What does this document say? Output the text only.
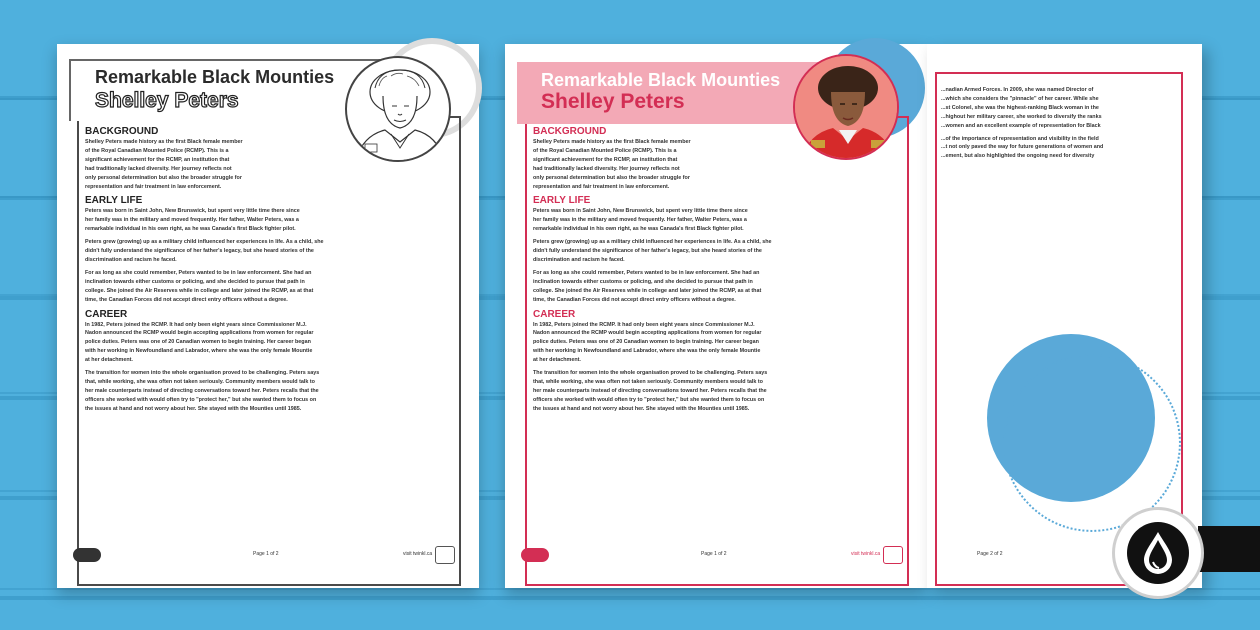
Remarkable Black Mounties
Shelley Peters
BACKGROUND
Shelley Peters made history as the first Black female member
of the Royal Canadian Mounted Police (RCMP). This is a
significant achievement for the RCMP, an institution that
had traditionally lacked diversity. Her journey reflects not
only personal determination but also the broader struggle for
representation and fair treatment in law enforcement.
EARLY LIFE
Peters was born in Saint John, New Brunswick, but spent very little time there since
her family was in the military and moved frequently. Her father, Walter Peters, was a
remarkable individual in his own right, as he was Canada's first Black fighter pilot.
Peters grew (growing) up as a military child influenced her experiences in life. As a child, she
didn't fully understand the significance of her father's legacy, but she heard stories of the
discrimination and racism he faced.
For as long as she could remember, Peters wanted to be in law enforcement. She had an
inclination towards either customs or policing, and she decided to pursue that path in
college. She joined the Air Reserves while in college and later joined the RCMP, as at that
time, the Canadian Forces did not accept direct entry officers without a degree.
CAREER
In 1982, Peters joined the RCMP. It had only been eight years since Commissioner M.J.
Nadon announced the RCMP would begin accepting applications from women for regular
police duties. Peters was one of 20 Canadian women to begin training. Her career began
with her working in Newfoundland and Labrador, where she was the only female Mountie
at her detachment.
The transition for women into the whole organisation proved to be challenging. Peters says
that, while working, she was often not taken seriously. Community members would talk to
her male counterparts instead of directing conversations toward her. Peters recalls that the
officers she worked with would often try to "protect her," but she wanted them to focus on
the issues at hand and not worry about her. She stayed with the Mounties until 1985.
Page 1 of 2	visit twinkl.ca
Remarkable Black Mounties
Shelley Peters
BACKGROUND
Shelley Peters made history as the first Black female member
of the Royal Canadian Mounted Police (RCMP). This is a
significant achievement for the RCMP, an institution that
had traditionally lacked diversity. Her journey reflects not
only personal determination but also the broader struggle for
representation and fair treatment in law enforcement.
EARLY LIFE
Peters was born in Saint John, New Brunswick, but spent very little time there since
her family was in the military and moved frequently. Her father, Walter Peters, was a
remarkable individual in his own right, as he was Canada's first Black fighter pilot.
Peters grew (growing) up as a military child influenced her experiences in life. As a child, she
didn't fully understand the significance of her father's legacy, but she heard stories of the
discrimination and racism he faced.
For as long as she could remember, Peters wanted to be in law enforcement. She had an
inclination towards either customs or policing, and she decided to pursue that path in
college. She joined the Air Reserves while in college and later joined the RCMP, as at that
time, the Canadian Forces did not accept direct entry officers without a degree.
CAREER
In 1982, Peters joined the RCMP. It had only been eight years since Commissioner M.J.
Nadon announced the RCMP would begin accepting applications from women for regular
police duties. Peters was one of 20 Canadian women to begin training. Her career began
with her working in Newfoundland and Labrador, where she was the only female Mountie
at her detachment.
The transition for women into the whole organisation proved to be challenging. Peters says
that, while working, she was often not taken seriously. Community members would talk to
her male counterparts instead of directing conversations toward her. Peters recalls that the
officers she worked with would often try to "protect her," but she wanted them to focus on
the issues at hand and not worry about her. She stayed with the Mounties until 1985.
Page 1 of 2	visit twinkl.ca
...nadian Armed Forces. In 2009, she was named Director of
...which she considers the "pinnacle" of her career. While she
...st Colonel, she was the highest-ranking Black woman in the
...highout her military career, she worked to diversify the ranks
...women and an excellent example of representation for Black
...of the importance of representation and visibility in the field
...t not only paved the way for future generations of women and
...ement, but also highlighted the ongoing need for diversity
Page 2 of 2
